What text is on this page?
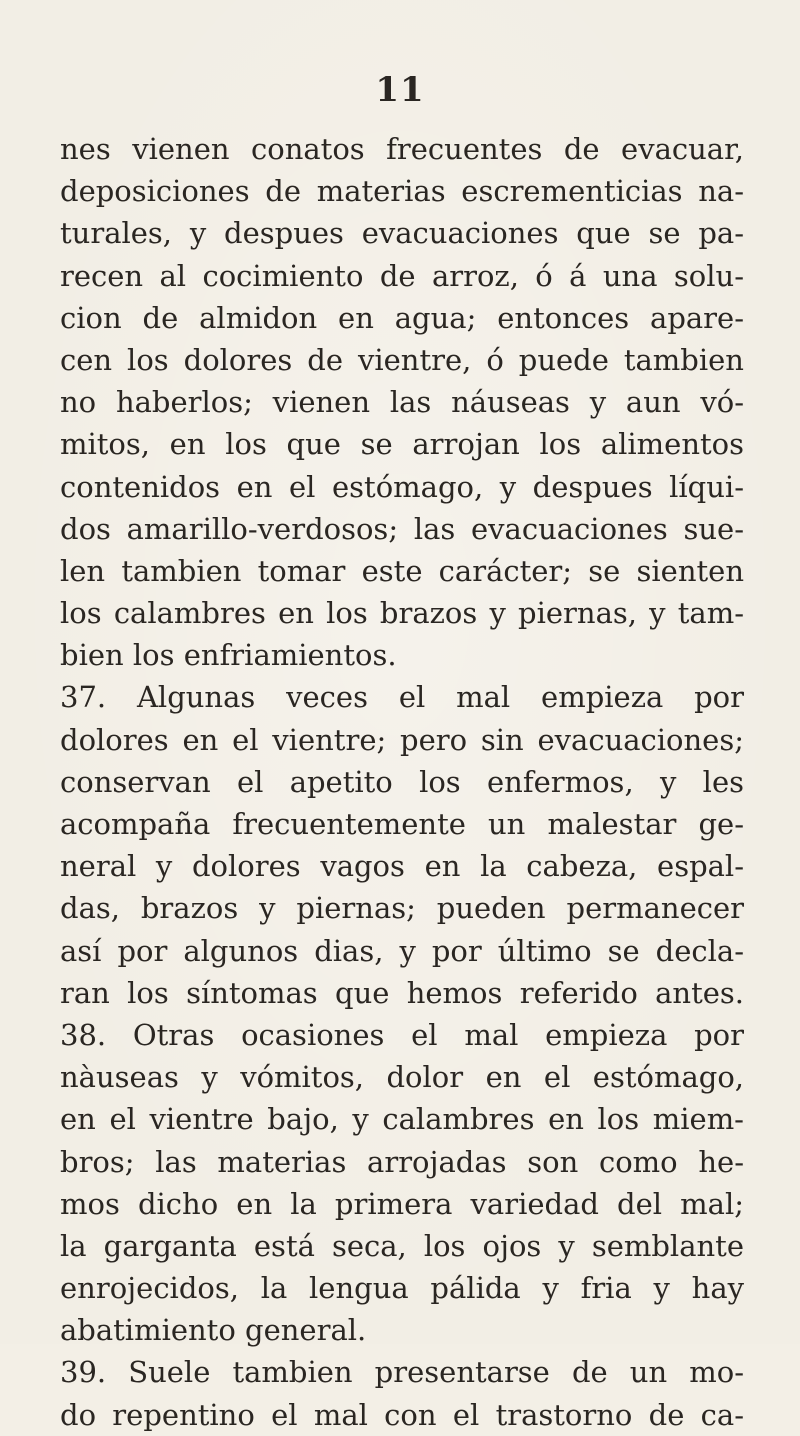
11
nes vienen conatos frecuentes de evacuar,
deposiciones de materias escrementicias na-
turales, y despues evacuaciones que se pa-
recen al cocimiento de arroz, ó á una solu-
cion de almidon en agua; entonces apare-
cen los dolores de vientre, ó puede tambien
no haberlos; vienen las náuseas y aun vó-
mitos, en los que se arrojan los alimentos
contenidos en el estómago, y despues líqui-
dos amarillo-verdosos; las evacuaciones sue-
len tambien tomar este carácter; se sienten
los calambres en los brazos y piernas, y tam-
bien los enfriamientos.
37. Algunas veces el mal empieza por
dolores en el vientre; pero sin evacuaciones;
conservan el apetito los enfermos, y les
acompaña frecuentemente un malestar ge-
neral y dolores vagos en la cabeza, espal-
das, brazos y piernas; pueden permanecer
así por algunos dias, y por último se decla-
ran los síntomas que hemos referido antes.
38. Otras ocasiones el mal empieza por
nàuseas y vómitos, dolor en el estómago,
en el vientre bajo, y calambres en los miem-
bros; las materias arrojadas son como he-
mos dicho en la primera variedad del mal;
la garganta está seca, los ojos y semblante
enrojecidos, la lengua pálida y fria y hay
abatimiento general.
39. Suele tambien presentarse de un mo-
do repentino el mal con el trastorno de ca-
